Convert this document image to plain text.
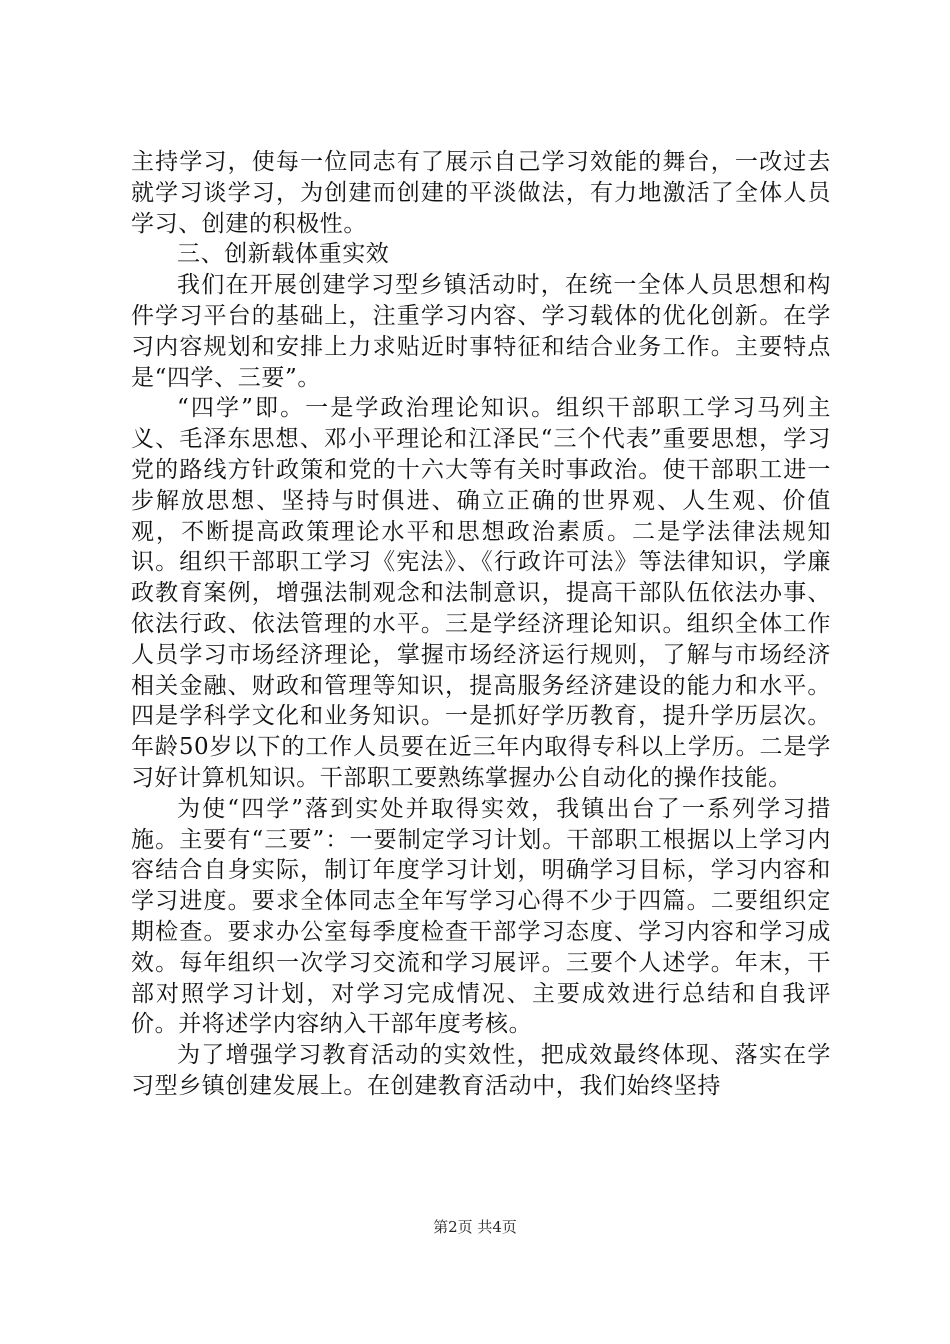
主持学习，使每一位同志有了展示自己学习效能的舞台，一改过去就学习谈学习，为创建而创建的平淡做法，有力地激活了全体人员学习、创建的积极性。

三、创新载体重实效

我们在开展创建学习型乡镇活动时，在统一全体人员思想和构件学习平台的基础上，注重学习内容、学习载体的优化创新。在学习内容规划和安排上力求贴近时事特征和结合业务工作。主要特点是“四学、三要”。

“四学”即。一是学政治理论知识。组织干部职工学习马列主义、毛泽东思想、邓小平理论和江泽民“三个代表”重要思想，学习党的路线方针政策和党的十六大等有关时事政治。使干部职工进一步解放思想、坚持与时俱进、确立正确的世界观、人生观、价值观，不断提高政策理论水平和思想政治素质。二是学法律法规知识。组织干部职工学习《宪法》、《行政许可法》等法律知识，学廉政教育案例，增强法制观念和法制意识，提高干部队伍依法办事、依法行政、依法管理的水平。三是学经济理论知识。组织全体工作人员学习市场经济理论，掌握市场经济运行规则，了解与市场经济相关金融、财政和管理等知识，提高服务经济建设的能力和水平。四是学科学文化和业务知识。一是抓好学历教育，提升学历层次。年龄50岁以下的工作人员要在近三年内取得专科以上学历。二是学习好计算机知识。干部职工要熟练掌握办公自动化的操作技能。

为使“四学”落到实处并取得实效，我镇出台了一系列学习措施。主要有“三要”：一要制定学习计划。干部职工根据以上学习内容结合自身实际，制订年度学习计划，明确学习目标，学习内容和学习进度。要求全体同志全年写学习心得不少于四篇。二要组织定期检查。要求办公室每季度检查干部学习态度、学习内容和学习成效。每年组织一次学习交流和学习展评。三要个人述学。年末，干部对照学习计划，对学习完成情况、主要成效进行总结和自我评价。并将述学内容纳入干部年度考核。

为了增强学习教育活动的实效性，把成效最终体现、落实在学习型乡镇创建发展上。在创建教育活动中，我们始终坚持

第2页 共4页
